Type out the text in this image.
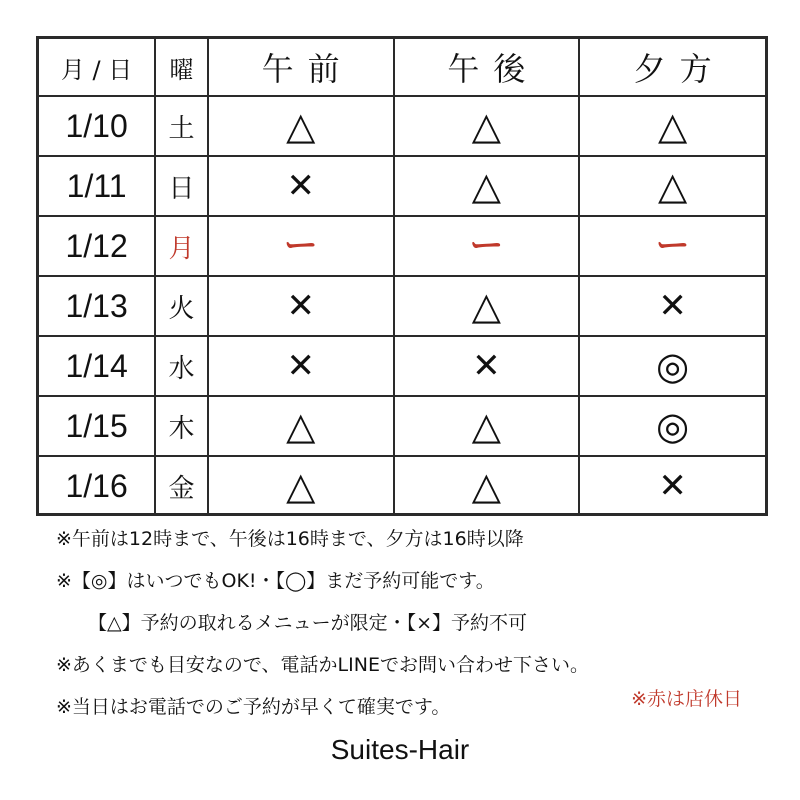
月 / 日	曜	午前	午後	夕方
1/10	土	△	△	△
1/11	日	✕	△	△
1/12	月	ー	ー	ー
1/13	火	✕	△	✕
1/14	水	✕	✕	◎
1/15	木	△	△	◎
1/16	金	△	△	✕
※午前は12時まで、午後は16時まで、夕方は16時以降
※【◎】はいつでもOK!・【◯】まだ予約可能です。
【△】予約の取れるメニューが限定・【×】予約不可
※あくまでも目安なので、電話かLINEでお問い合わせ下さい。
※当日はお電話でのご予約が早くて確実です。	※赤は店休日
Suites-Hair
